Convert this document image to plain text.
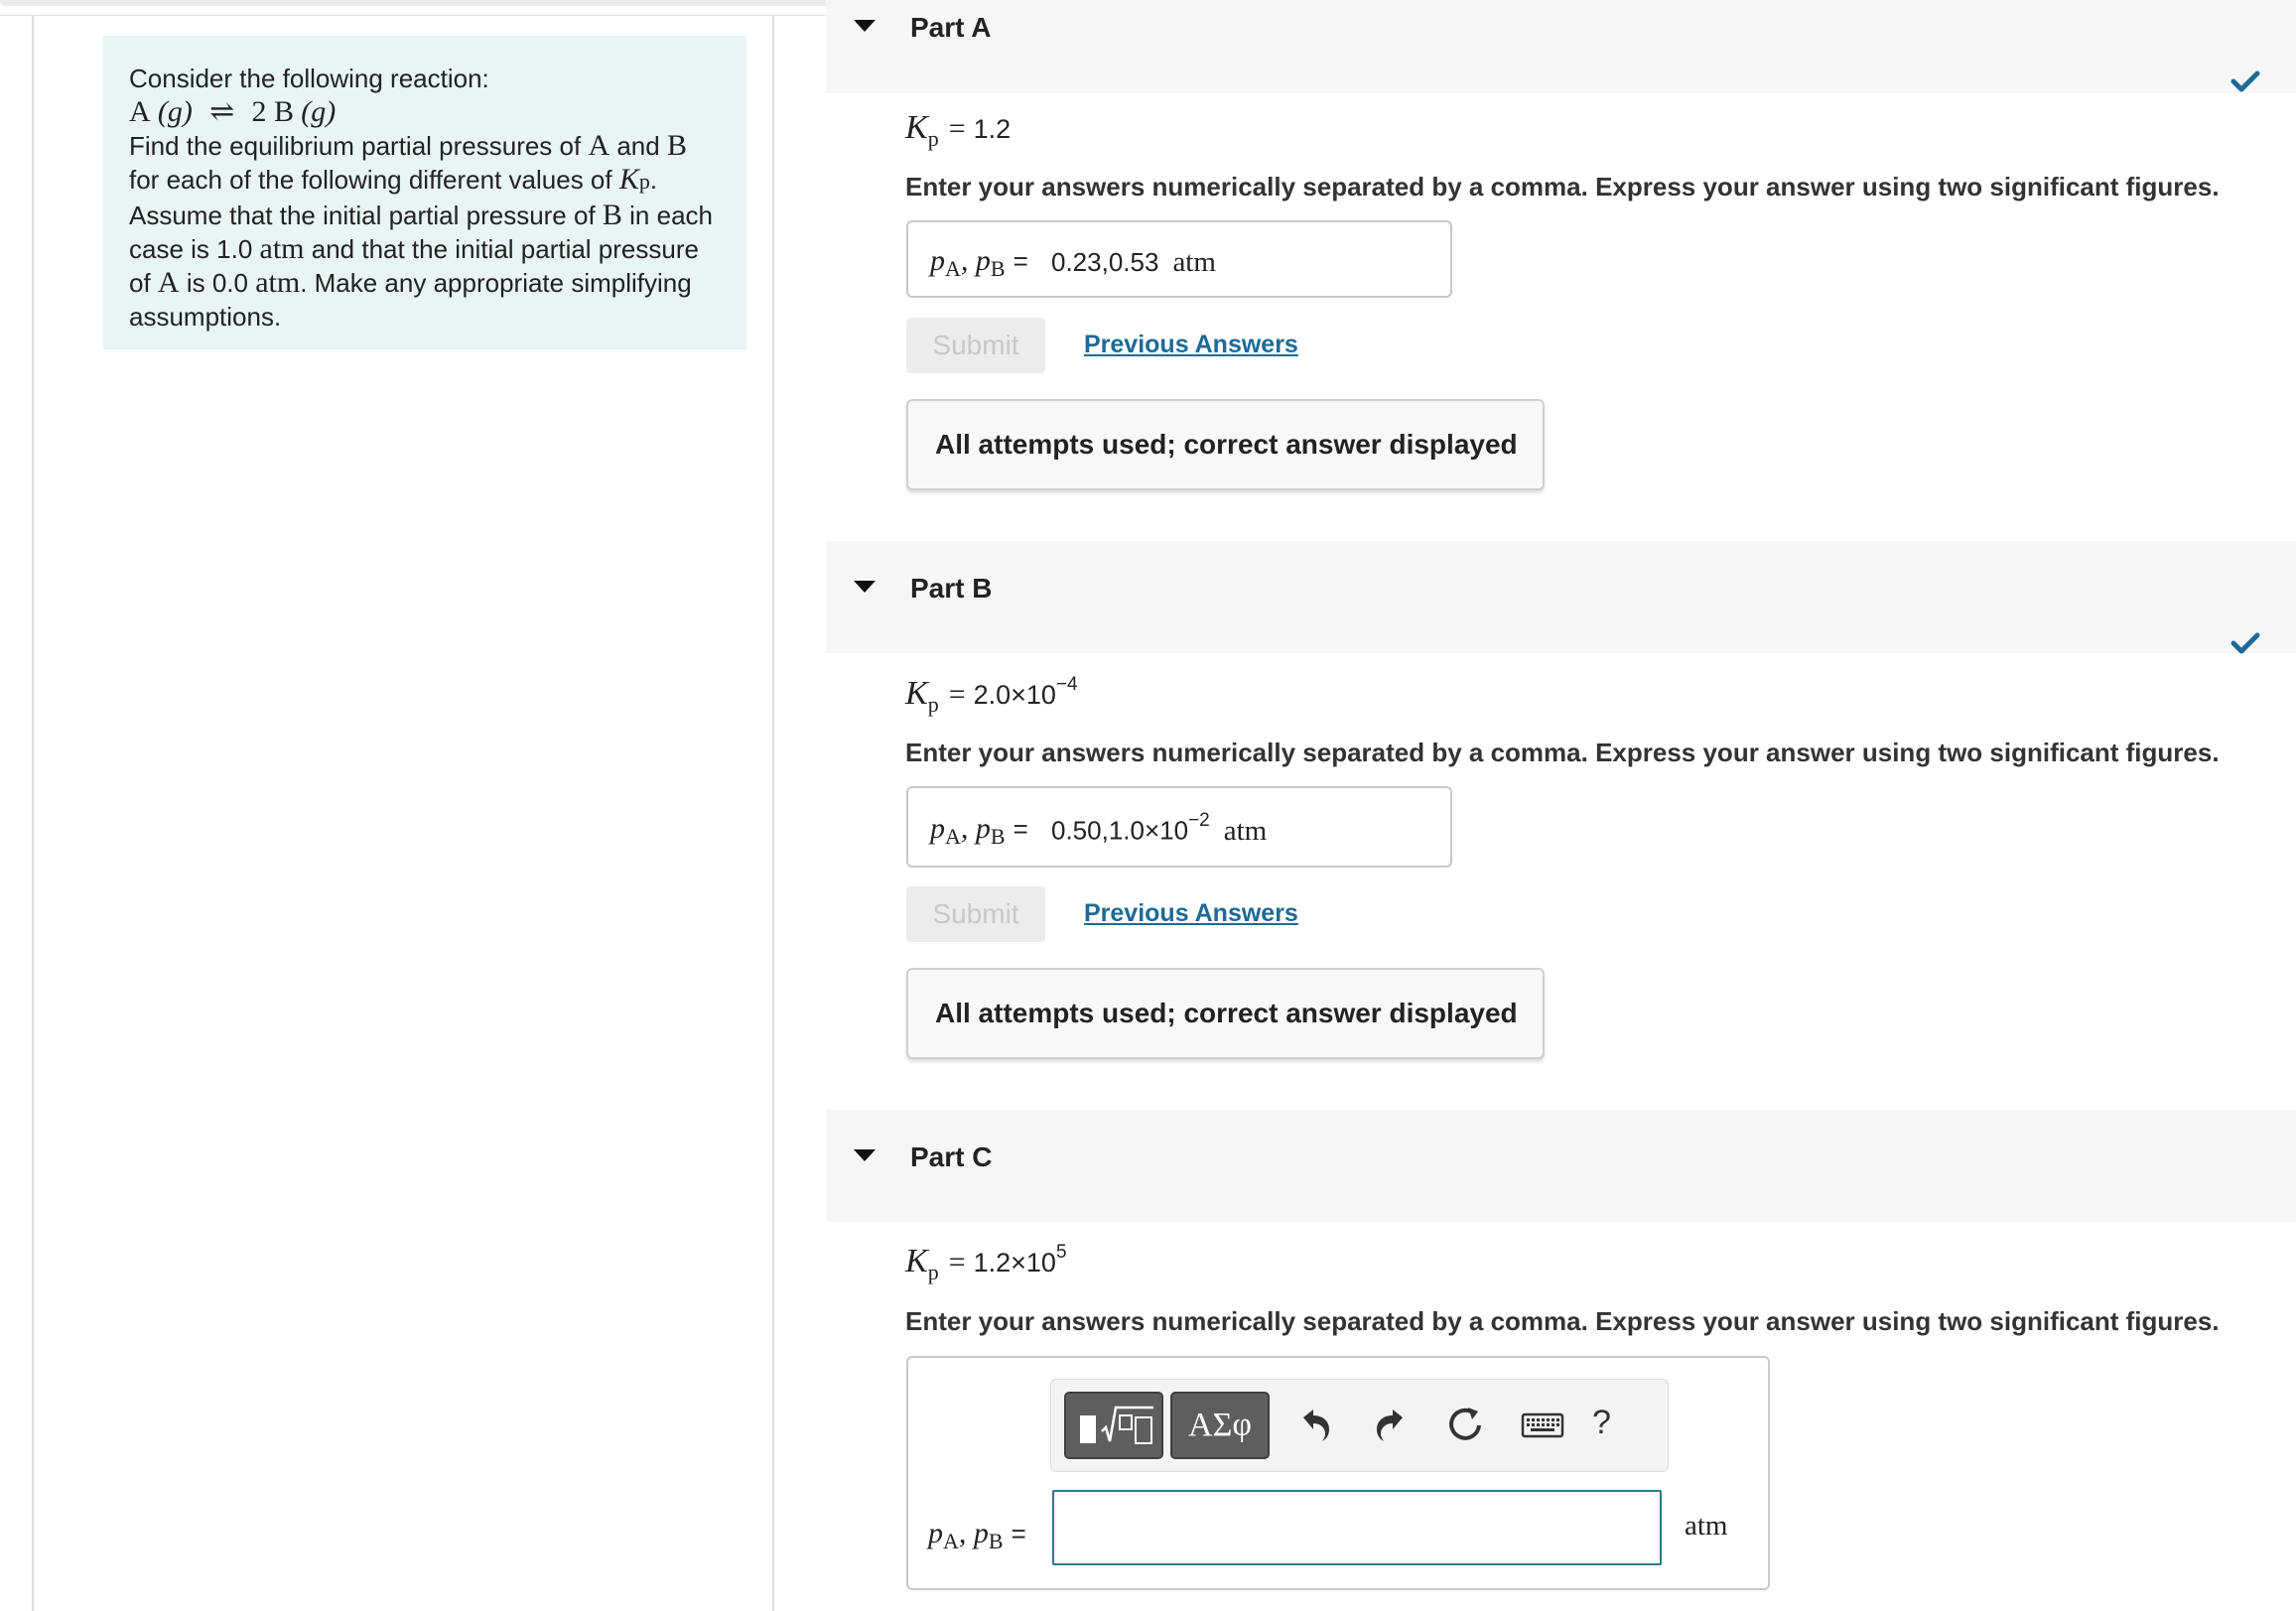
Consider the following reaction:
A (g) ⇌ 2 B (g)
Find the equilibrium partial pressures of A and B
for each of the following different values of Kp.
Assume that the initial partial pressure of B in each
case is 1.0 atm and that the initial partial pressure
of A is 0.0 atm. Make any appropriate simplifying
assumptions.
Part A
$K_p = 1.2$
Enter your answers numerically separated by a comma. Express your answer using two significant figures.
$p_A$, $p_B = 0.23,0.53$ atm
Submit	Previous Answers
All attempts used; correct answer displayed
Part B
$K_p = 2.0\times 10^{-4}$
Enter your answers numerically separated by a comma. Express your answer using two significant figures.
$p_A$, $p_B = 0.50,1.0\times 10^{-2}$ atm
Submit	Previous Answers
All attempts used; correct answer displayed
Part C
$K_p = 1.2\times 10^5$
Enter your answers numerically separated by a comma. Express your answer using two significant figures.
ΑΣφ	?
$p_A$, $p_B$ =	atm
